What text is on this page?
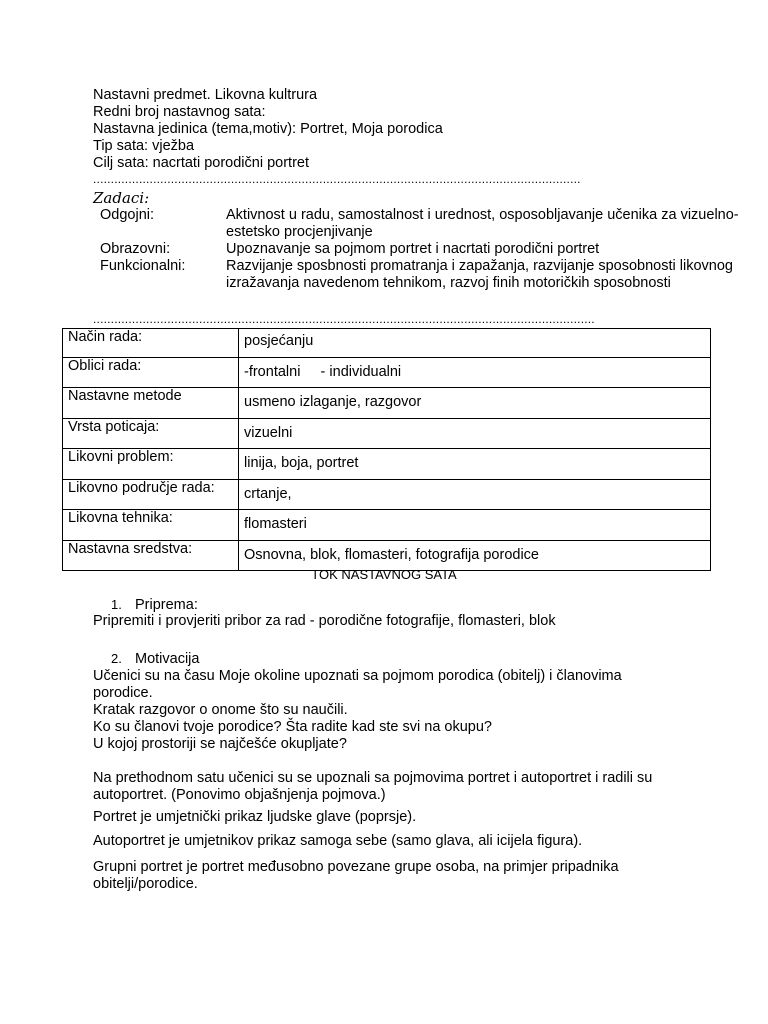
Nastavni predmet. Likovna kultrura
Redni broj nastavnog sata:
Nastavna jedinica (tema,motiv): Portret, Moja porodica
Tip sata: vježba
Cilj sata: nacrtati porodični portret
..........................................................................................................................................
Zadaci:
Odgojni:	Aktivnost u radu, samostalnost i urednost, osposobljavanje učenika za vizuelno-estetsko procjenjivanje
Obrazovni:	Upoznavanje sa pojmom portret i nacrtati porodični portret
Funkcionalni:	Razvijanje sposbnosti promatranja i zapažanja, razvijanje sposobnosti likovnog izražavanja navedenom tehnikom, razvoj finih motoričkih sposobnosti
..............................................................................................................................................
Način rada:	posjećanju
Oblici rada:	-frontalni     - individualni
Nastavne metode	usmeno izlaganje, razgovor
Vrsta poticaja:	vizuelni
Likovni problem:	linija, boja, portret
Likovno područje rada:	crtanje,
Likovna tehnika:	flomasteri
Nastavna sredstva:	Osnovna, blok, flomasteri, fotografija porodice
TOK NASTAVNOG SATA
1. Priprema:
Pripremiti i provjeriti pribor za rad - porodične fotografije, flomasteri, blok
2. Motivacija
Učenici su na času Moje okoline upoznati sa pojmom porodica (obitelj) i članovima porodice.
Kratak razgovor o onome što su naučili.
Ko su članovi tvoje porodice? Šta radite kad ste svi na okupu?
U kojoj prostoriji se najčešće okupljate?
Na prethodnom satu učenici su se upoznali sa pojmovima portret i autoportret i radili su autoportret. (Ponovimo objašnjenja pojmova.)
Portret je umjetnički prikaz ljudske glave (poprsje).
Autoportret je umjetnikov prikaz samoga sebe (samo glava, ali icijela figura).
Grupni portret je portret međusobno povezane grupe osoba, na primjer pripadnika obitelji/porodice.
